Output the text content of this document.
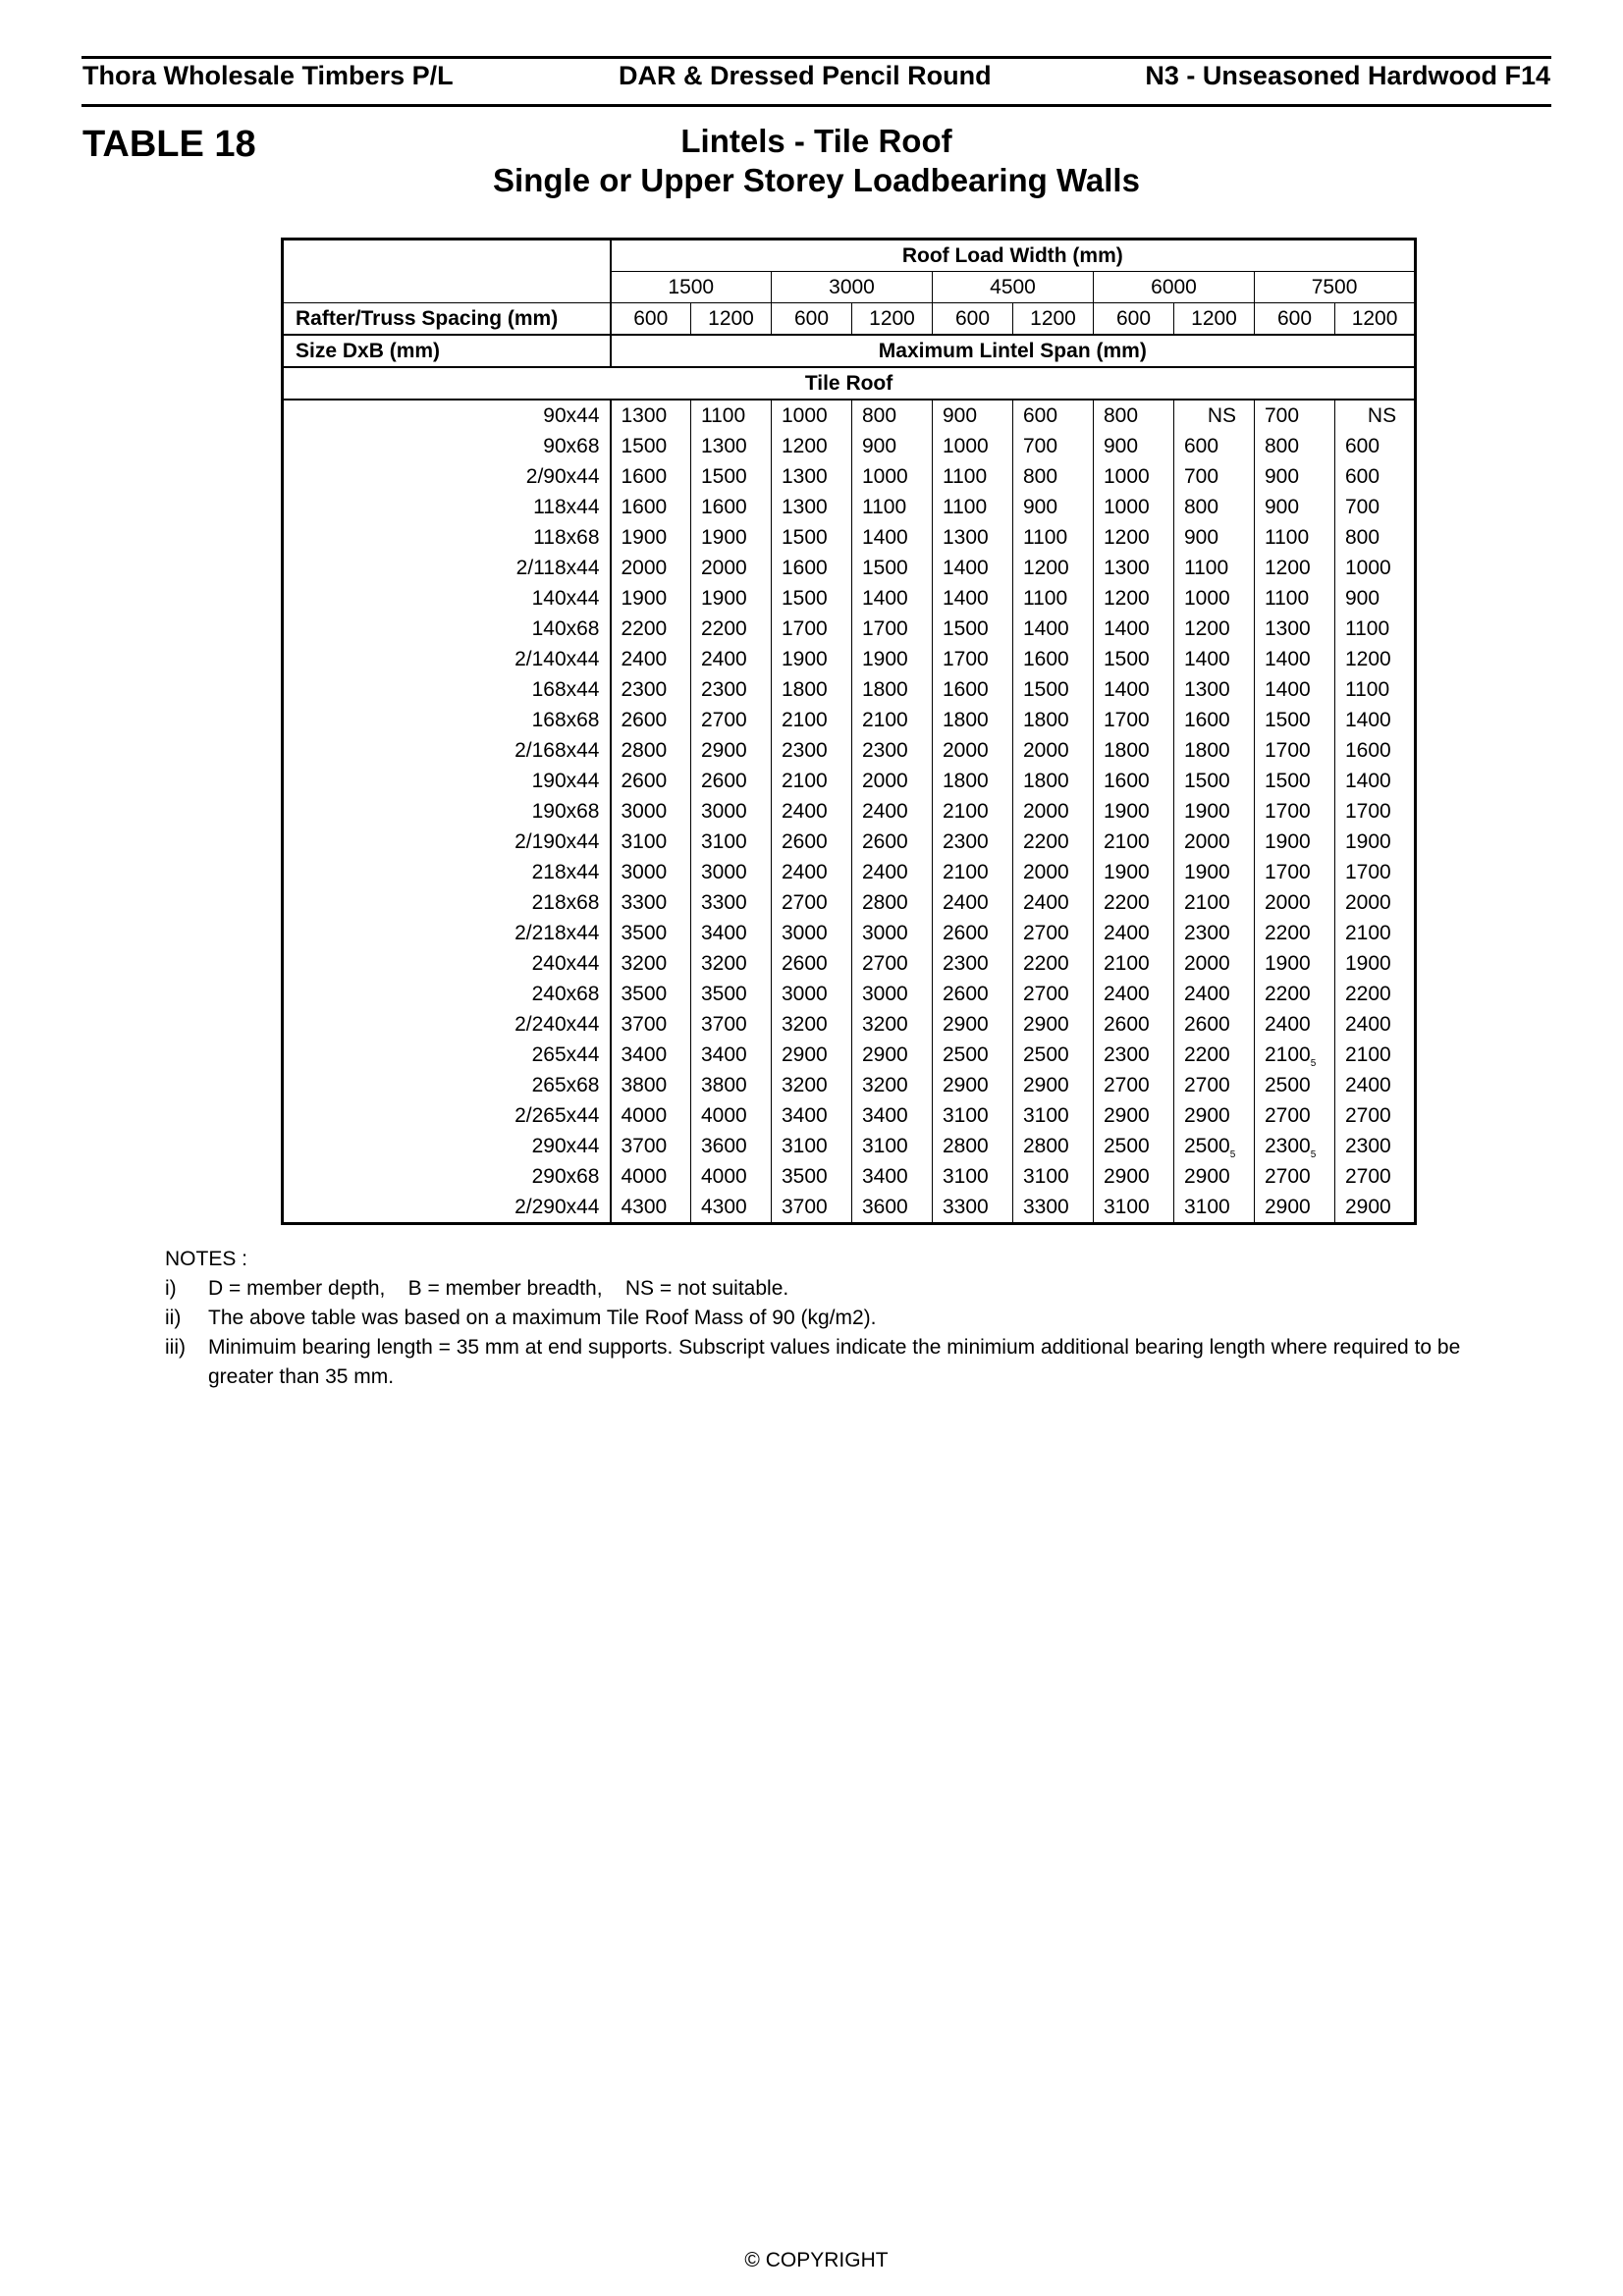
Thora Wholesale Timbers P/L	DAR & Dressed Pencil Round	N3 - Unseasoned Hardwood F14
TABLE 18	Lintels - Tile Roof
Single or Upper Storey Loadbearing Walls
	Roof Load Width (mm)									
	1500		3000		4500		6000		7500	
Rafter/Truss Spacing (mm)	600	1200	600	1200	600	1200	600	1200	600	1200
Size DxB (mm)	Maximum Lintel Span (mm)									
Tile Roof										
90x44	1300	1100	1000	800	900	600	800	NS	700	NS
90x68	1500	1300	1200	900	1000	700	900	600	800	600
2/90x44	1600	1500	1300	1000	1100	800	1000	700	900	600
118x44	1600	1600	1300	1100	1100	900	1000	800	900	700
118x68	1900	1900	1500	1400	1300	1100	1200	900	1100	800
2/118x44	2000	2000	1600	1500	1400	1200	1300	1100	1200	1000
140x44	1900	1900	1500	1400	1400	1100	1200	1000	1100	900
140x68	2200	2200	1700	1700	1500	1400	1400	1200	1300	1100
2/140x44	2400	2400	1900	1900	1700	1600	1500	1400	1400	1200
168x44	2300	2300	1800	1800	1600	1500	1400	1300	1400	1100
168x68	2600	2700	2100	2100	1800	1800	1700	1600	1500	1400
2/168x44	2800	2900	2300	2300	2000	2000	1800	1800	1700	1600
190x44	2600	2600	2100	2000	1800	1800	1600	1500	1500	1400
190x68	3000	3000	2400	2400	2100	2000	1900	1900	1700	1700
2/190x44	3100	3100	2600	2600	2300	2200	2100	2000	1900	1900
218x44	3000	3000	2400	2400	2100	2000	1900	1900	1700	1700
218x68	3300	3300	2700	2800	2400	2400	2200	2100	2000	2000
2/218x44	3500	3400	3000	3000	2600	2700	2400	2300	2200	2100
240x44	3200	3200	2600	2700	2300	2200	2100	2000	1900	1900
240x68	3500	3500	3000	3000	2600	2700	2400	2400	2200	2200
2/240x44	3700	3700	3200	3200	2900	2900	2600	2600	2400	2400
265x44	3400	3400	2900	2900	2500	2500	2300	2200	$2100_5$	2100
265x68	3800	3800	3200	3200	2900	2900	2700	2700	2500	2400
2/265x44	4000	4000	3400	3400	3100	3100	2900	2900	2700	2700
290x44	3700	3600	3100	3100	2800	2800	2500	$2500_5$	$2300_5$	2300
290x68	4000	4000	3500	3400	3100	3100	2900	2900	2700	2700
2/290x44	4300	4300	3700	3600	3300	3300	3100	3100	2900	2900
NOTES :
i) D = member depth,    B = member breadth,    NS = not suitable.
ii) The above table was based on a maximum Tile Roof Mass of 90 (kg/m2).
iii) Minimuim bearing length = 35 mm at end supports. Subscript values indicate the minimium additional bearing length where required to be greater than 35 mm.
© COPYRIGHT
